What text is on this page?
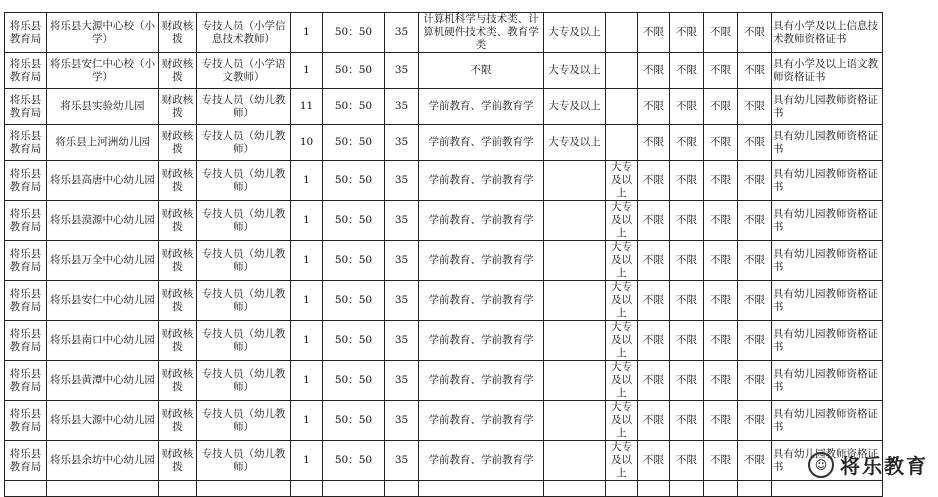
将乐县教育局	将乐县大源中心校（小学）	财政核拨	专技人员（小学信息技术教师）	1	50：50	35	计算机科学与技术类、计算机硬件技术类、教育学类	大专及以上		不限	不限	不限	不限	具有小学及以上信息技术教师资格证书
将乐县教育局	将乐县安仁中心校（小学）	财政核拨	专技人员（小学语文教师）	1	50：50	35	不限	大专及以上		不限	不限	不限	不限	具有小学及以上语文教师资格证书
将乐县教育局	将乐县实验幼儿园	财政核拨	专技人员（幼儿教师）	11	50：50	35	学前教育、学前教育学	大专及以上		不限	不限	不限	不限	具有幼儿园教师资格证书
将乐县教育局	将乐县上河洲幼儿园	财政核拨	专技人员（幼儿教师）	10	50：50	35	学前教育、学前教育学	大专及以上		不限	不限	不限	不限	具有幼儿园教师资格证书
将乐县教育局	将乐县高唐中心幼儿园	财政核拨	专技人员（幼儿教师）	1	50：50	35	学前教育、学前教育学		大专及以上	不限	不限	不限	不限	具有幼儿园教师资格证书
将乐县教育局	将乐县漠源中心幼儿园	财政核拨	专技人员（幼儿教师）	1	50：50	35	学前教育、学前教育学		大专及以上	不限	不限	不限	不限	具有幼儿园教师资格证书
将乐县教育局	将乐县万全中心幼儿园	财政核拨	专技人员（幼儿教师）	1	50：50	35	学前教育、学前教育学		大专及以上	不限	不限	不限	不限	具有幼儿园教师资格证书
将乐县教育局	将乐县安仁中心幼儿园	财政核拨	专技人员（幼儿教师）	1	50：50	35	学前教育、学前教育学		大专及以上	不限	不限	不限	不限	具有幼儿园教师资格证书
将乐县教育局	将乐县南口中心幼儿园	财政核拨	专技人员（幼儿教师）	1	50：50	35	学前教育、学前教育学		大专及以上	不限	不限	不限	不限	具有幼儿园教师资格证书
将乐县教育局	将乐县黄潭中心幼儿园	财政核拨	专技人员（幼儿教师）	1	50：50	35	学前教育、学前教育学		大专及以上	不限	不限	不限	不限	具有幼儿园教师资格证书
将乐县教育局	将乐县大源中心幼儿园	财政核拨	专技人员（幼儿教师）	1	50：50	35	学前教育、学前教育学		大专及以上	不限	不限	不限	不限	具有幼儿园教师资格证书
将乐县教育局	将乐县余坊中心幼儿园	财政核拨	专技人员（幼儿教师）	1	50：50	35	学前教育、学前教育学		大专及以上	不限	不限	不限	不限	具有幼儿园教师资格证书
															☺ 将乐教育
